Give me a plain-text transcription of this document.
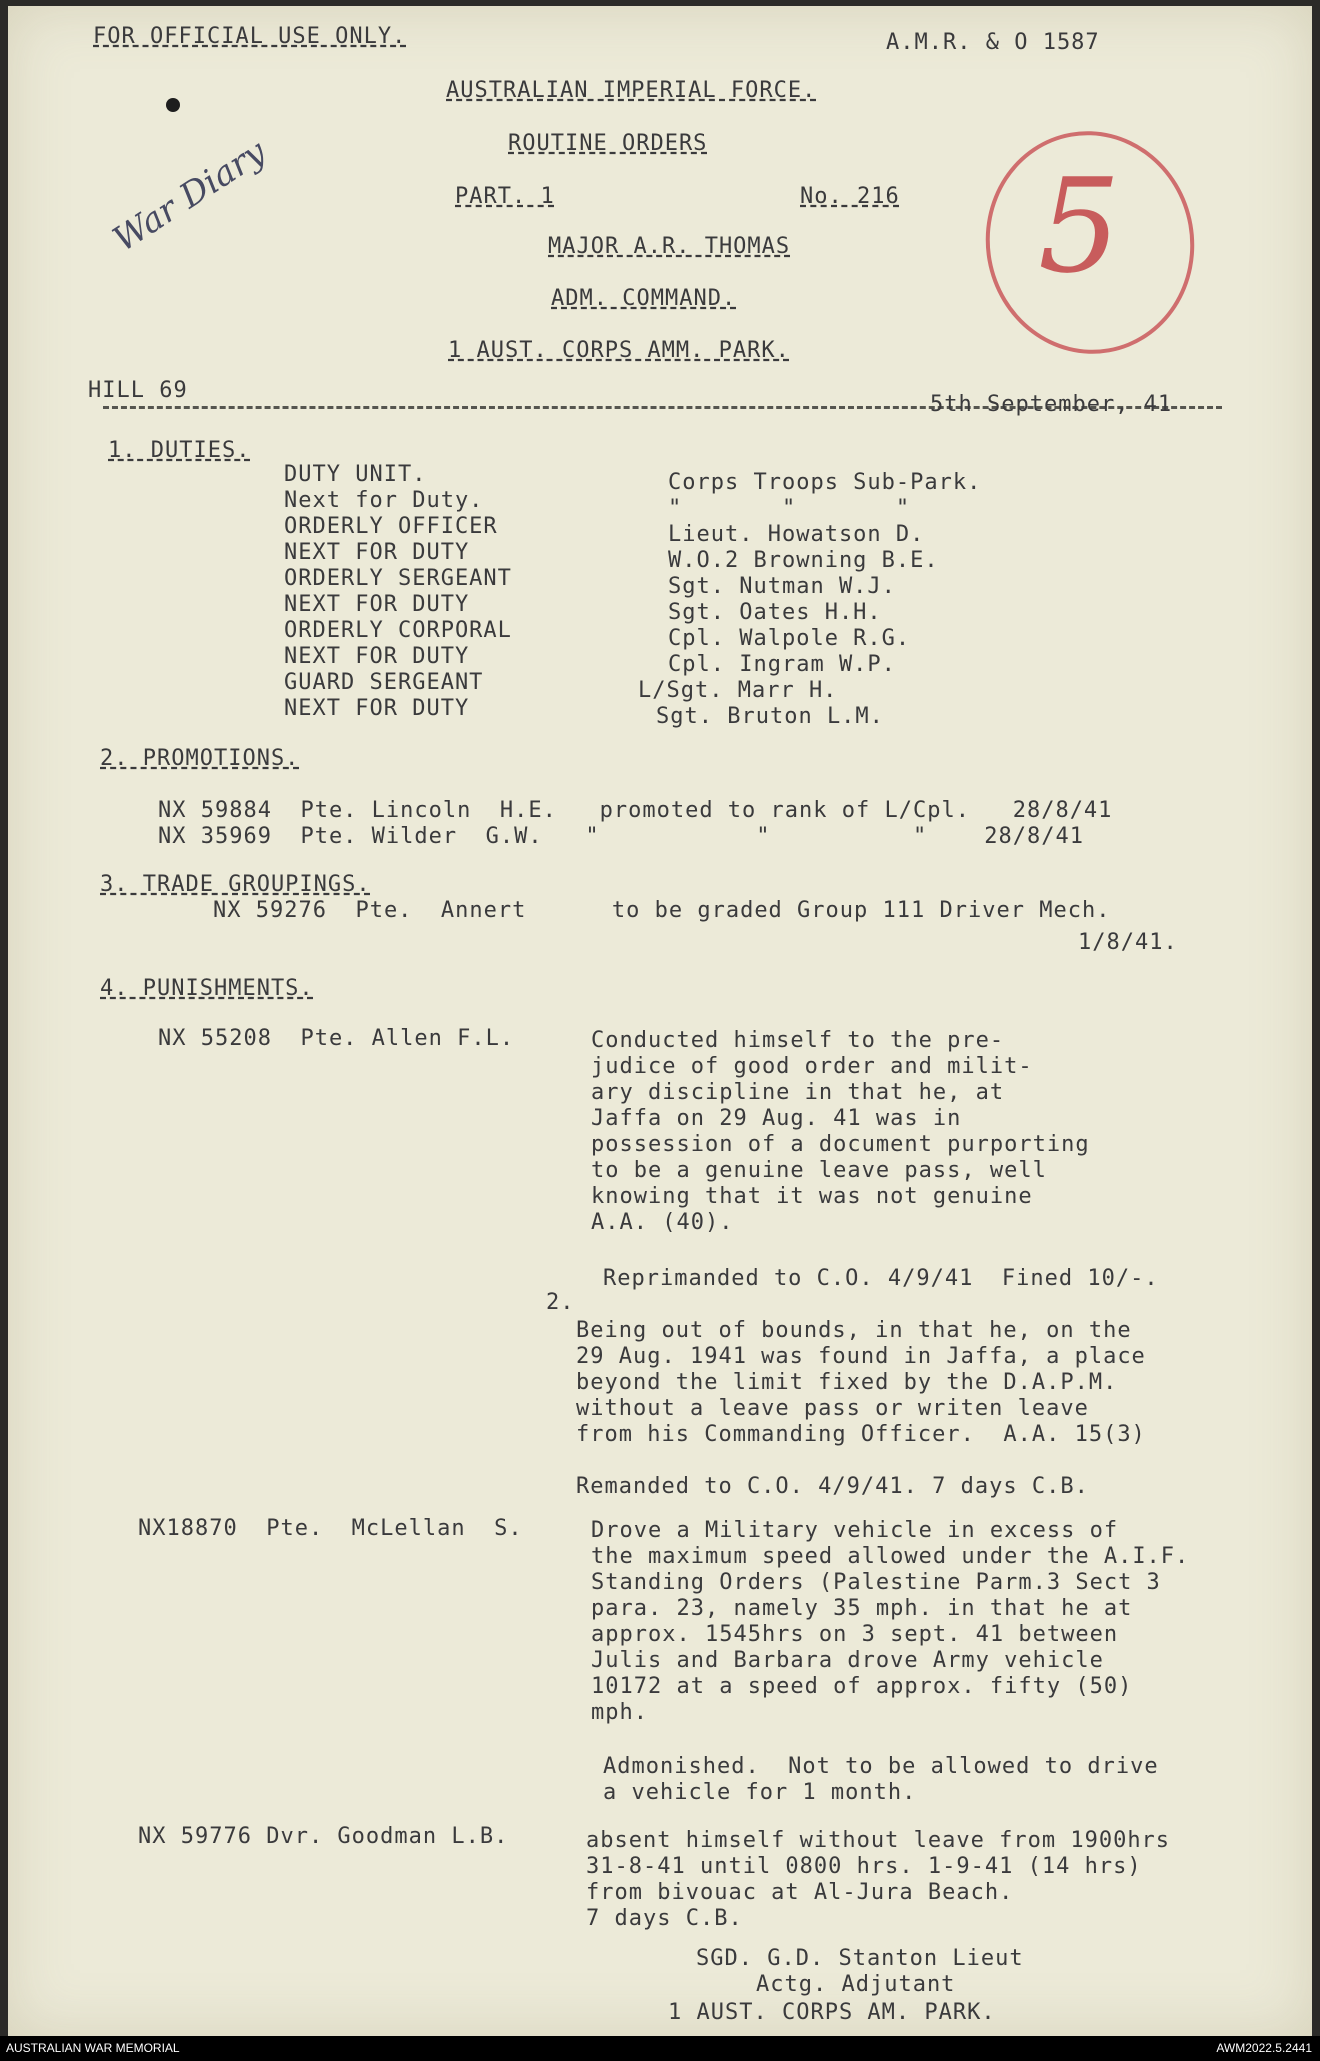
FOR OFFICIAL USE ONLY.	A.M.R. & O 1587
War Diary	5
AUSTRALIAN IMPERIAL FORCE.
ROUTINE ORDERS
PART. 1	No. 216
MAJOR A.R. THOMAS
ADM. COMMAND.
1 AUST. CORPS AMM. PARK.
HILL 69
5th September, 41
1. DUTIES.
DUTY UNIT.	Corps Troops Sub-Park.
Next for Duty.	"       "       "
ORDERLY OFFICER	Lieut. Howatson D.
NEXT FOR DUTY	W.O.2 Browning B.E.
ORDERLY SERGEANT	Sgt. Nutman W.J.
NEXT FOR DUTY	Sgt. Oates H.H.
ORDERLY CORPORAL	Cpl. Walpole R.G.
NEXT FOR DUTY	Cpl. Ingram W.P.
GUARD SERGEANT	L/Sgt. Marr H.
NEXT FOR DUTY	Sgt. Bruton L.M.
2. PROMOTIONS.
NX 59884  Pte. Lincoln  H.E.   promoted to rank of L/Cpl.   28/8/41
NX 35969  Pte. Wilder  G.W.   "           "          "    28/8/41
3. TRADE GROUPINGS.
NX 59276  Pte.  Annert      to be graded Group 111 Driver Mech.
1/8/41.
4. PUNISHMENTS.
NX 55208  Pte. Allen F.L.	Conducted himself to the pre-
judice of good order and milit-
ary discipline in that he, at
Jaffa on 29 Aug. 41 was in
possession of a document purporting
to be a genuine leave pass, well
knowing that it was not genuine
A.A. (40).
Reprimanded to C.O. 4/9/41  Fined 10/-.
2.
Being out of bounds, in that he, on the
29 Aug. 1941 was found in Jaffa, a place
beyond the limit fixed by the D.A.P.M.
without a leave pass or writen leave
from his Commanding Officer.  A.A. 15(3)
Remanded to C.O. 4/9/41. 7 days C.B.
NX18870  Pte.  McLellan  S.	Drove a Military vehicle in excess of
the maximum speed allowed under the A.I.F.
Standing Orders (Palestine Parm.3 Sect 3
para. 23, namely 35 mph. in that he at
approx. 1545hrs on 3 sept. 41 between
Julis and Barbara drove Army vehicle
10172 at a speed of approx. fifty (50)
mph.
Admonished.  Not to be allowed to drive
a vehicle for 1 month.
NX 59776 Dvr. Goodman L.B.	absent himself without leave from 1900hrs
31-8-41 until 0800 hrs. 1-9-41 (14 hrs)
from bivouac at Al-Jura Beach.
7 days C.B.
SGD. G.D. Stanton Lieut
Actg. Adjutant
1 AUST. CORPS AM. PARK.
AUSTRALIAN WAR MEMORIAL	AWM2022.5.2441
